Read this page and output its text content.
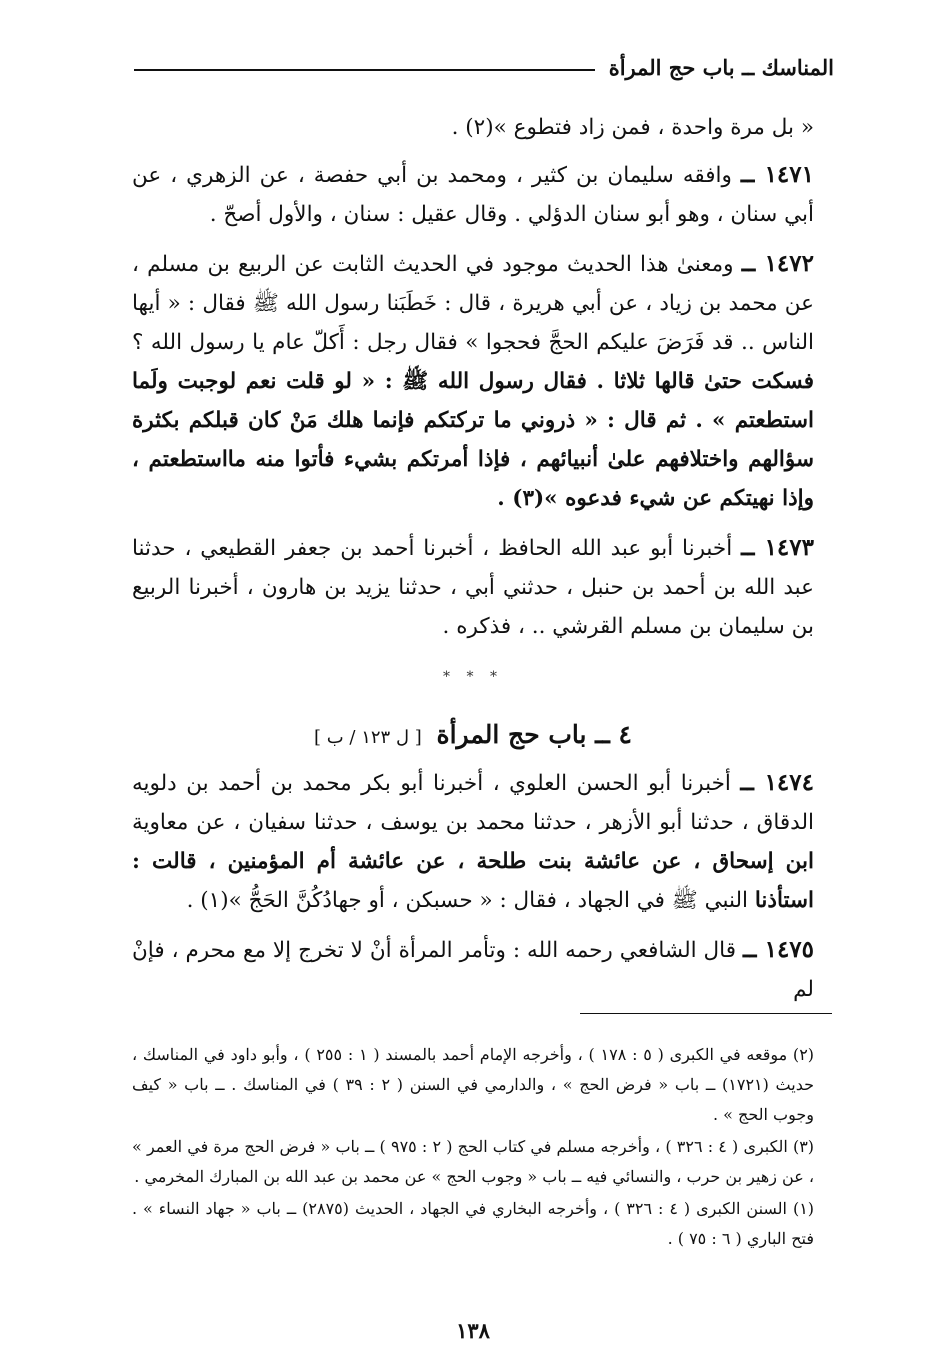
المناسك ــ باب حج المرأة

« بل مرة واحدة ، فمن زاد فتطوع »(٢) .

١٤٧١ ــ وافقه سليمان بن كثير ، ومحمد بن أبي حفصة ، عن الزهري ، عن أبي سنان ، وهو أبو سنان الدؤلي . وقال عقيل : سنان ، والأول أصحّ .

١٤٧٢ ــ ومعنىٰ هذا الحديث موجود في الحديث الثابت عن الربيع بن مسلم ، عن محمد بن زياد ، عن أبي هريرة ، قال : خَطَبَنا رسول الله ﷺ فقال : « أيها الناس .. قد فَرَضَ عليكم الحجَّ فحجوا » فقال رجل : أَكلّ عام يا رسول الله ؟ فسكت حتىٰ قالها ثلاثا . فقال رسول الله ﷺ : « لو قلت نعم لوجبت ولَما استطعتم » . ثم قال : « ذروني ما تركتكم فإنما هلك مَنْ كان قبلكم بكثرة سؤالهم واختلافهم علىٰ أنبيائهم ، فإذا أمرتكم بشيء فأتوا منه مااستطعتم ، وإذا نهيتكم عن شيء فدعوه »(٣) .

١٤٧٣ ــ أخبرنا أبو عبد الله الحافظ ، أخبرنا أحمد بن جعفر القطيعي ، حدثنا عبد الله بن أحمد بن حنبل ، حدثني أبي ، حدثنا يزيد بن هارون ، أخبرنا الربيع بن سليمان بن مسلم القرشي .. ، فذكره .

* * *
٤ ــ باب حج المرأة [ ل ١٢٣ / ب ]

١٤٧٤ ــ أخبرنا أبو الحسن العلوي ، أخبرنا أبو بكر محمد بن أحمد بن دلويه الدقاق ، حدثنا أبو الأزهر ، حدثنا محمد بن يوسف ، حدثنا سفيان ، عن معاوية ابن إسحاق ، عن عائشة بنت طلحة ، عن عائشة أم المؤمنين ، قالت : استأذنا النبي ﷺ في الجهاد ، فقال : « حسبكن ، أو جهادُكُنَّ الحَجُّ »(١) .

١٤٧٥ ــ قال الشافعي رحمه الله : وتأمر المرأة أنْ لا تخرج إلا مع محرم ، فإنْ لم

(٢) موقعه في الكبرى ( ٥ : ١٧٨ ) ، وأخرجه الإمام أحمد بالمسند ( ١ : ٢٥٥ ) ، وأبو داود في المناسك ، حديث (١٧٢١) ــ باب « فرض الحج » ، والدارمي في السنن ( ٢ : ٣٩ ) في المناسك . ــ باب « كيف وجوب الحج » .

(٣) الكبرى ( ٤ : ٣٢٦ ) ، وأخرجه مسلم في كتاب الحج ( ٢ : ٩٧٥ ) ــ باب « فرض الحج مرة في العمر » ، عن زهير بن حرب ، والنسائي فيه ــ باب « وجوب الحج » عن محمد بن عبد الله بن المبارك المخرمي .

(١) السنن الكبرى ( ٤ : ٣٢٦ ) ، وأخرجه البخاري في الجهاد ، الحديث (٢٨٧٥) ــ باب « جهاد النساء » . فتح الباري ( ٦ : ٧٥ ) .

١٣٨
